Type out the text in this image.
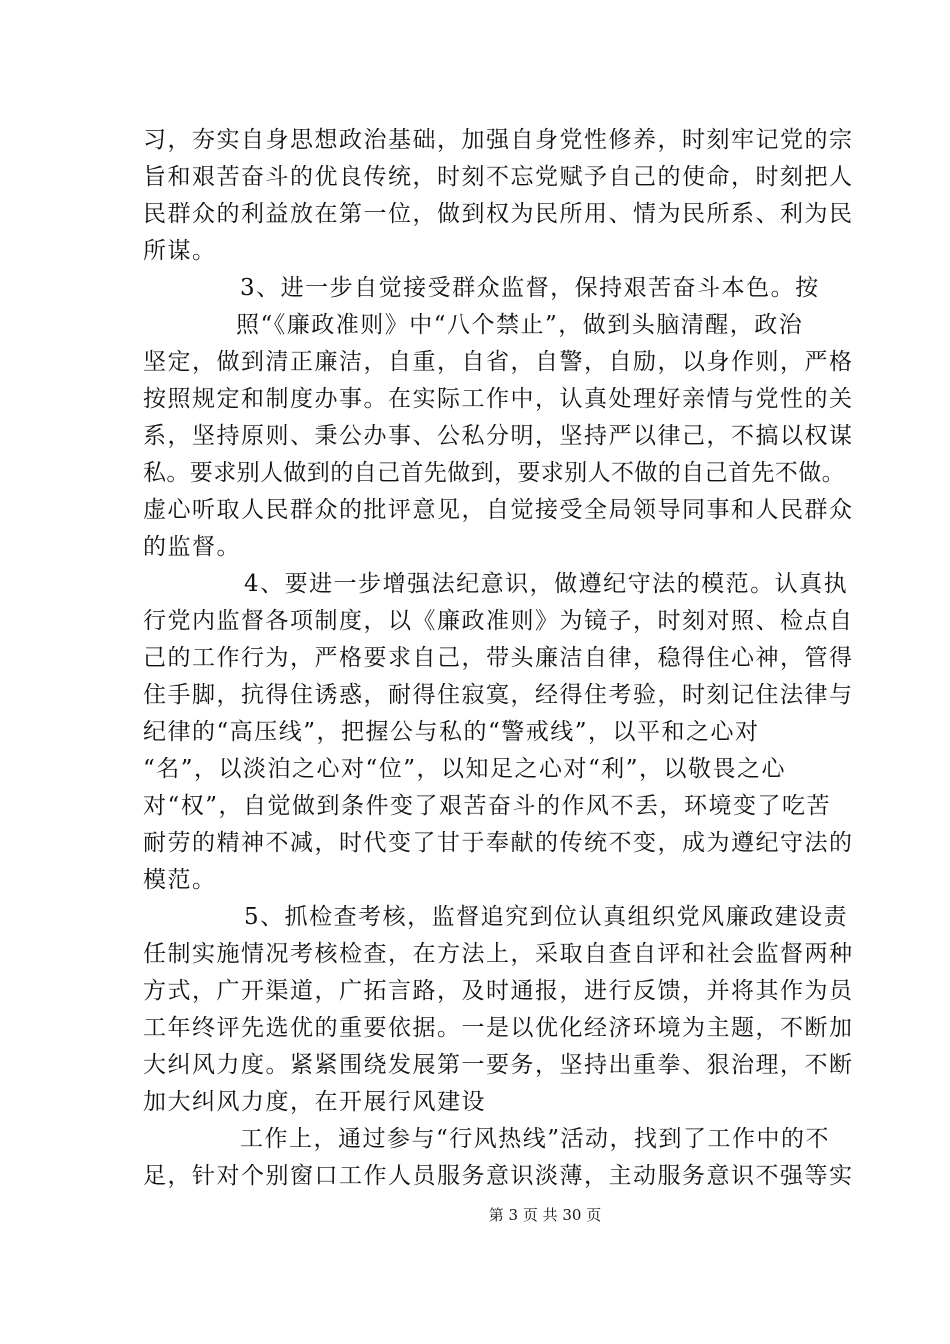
习，夯实自身思想政治基础，加强自身党性修养，时刻牢记党的宗
旨和艰苦奋斗的优良传统，时刻不忘党赋予自己的使命，时刻把人
民群众的利益放在第一位，做到权为民所用、情为民所系、利为民
所谋。
3、进一步自觉接受群众监督，保持艰苦奋斗本色。按
照“《廉政准则》中“八个禁止”，做到头脑清醒，政治
坚定，做到清正廉洁，自重，自省，自警，自励，以身作则，严格
按照规定和制度办事。在实际工作中，认真处理好亲情与党性的关
系，坚持原则、秉公办事、公私分明，坚持严以律己，不搞以权谋
私。要求别人做到的自己首先做到，要求别人不做的自己首先不做。
虚心听取人民群众的批评意见，自觉接受全局领导同事和人民群众
的监督。
4、要进一步增强法纪意识，做遵纪守法的模范。认真执
行党内监督各项制度，以《廉政准则》为镜子，时刻对照、检点自
己的工作行为，严格要求自己，带头廉洁自律，稳得住心神，管得
住手脚，抗得住诱惑，耐得住寂寞，经得住考验，时刻记住法律与
纪律的“高压线”，把握公与私的“警戒线”，以平和之心对
“名”，以淡泊之心对“位”，以知足之心对“利”，以敬畏之心
对“权”，自觉做到条件变了艰苦奋斗的作风不丢，环境变了吃苦
耐劳的精神不减，时代变了甘于奉献的传统不变，成为遵纪守法的
模范。
5、抓检查考核，监督追究到位认真组织党风廉政建设责
任制实施情况考核检查，在方法上，采取自查自评和社会监督两种
方式，广开渠道，广拓言路，及时通报，进行反馈，并将其作为员
工年终评先选优的重要依据。一是以优化经济环境为主题，不断加
大纠风力度。紧紧围绕发展第一要务，坚持出重拳、狠治理，不断
加大纠风力度，在开展行风建设
工作上，通过参与“行风热线”活动，找到了工作中的不
足，针对个别窗口工作人员服务意识淡薄，主动服务意识不强等实
第 3 页 共 30 页
